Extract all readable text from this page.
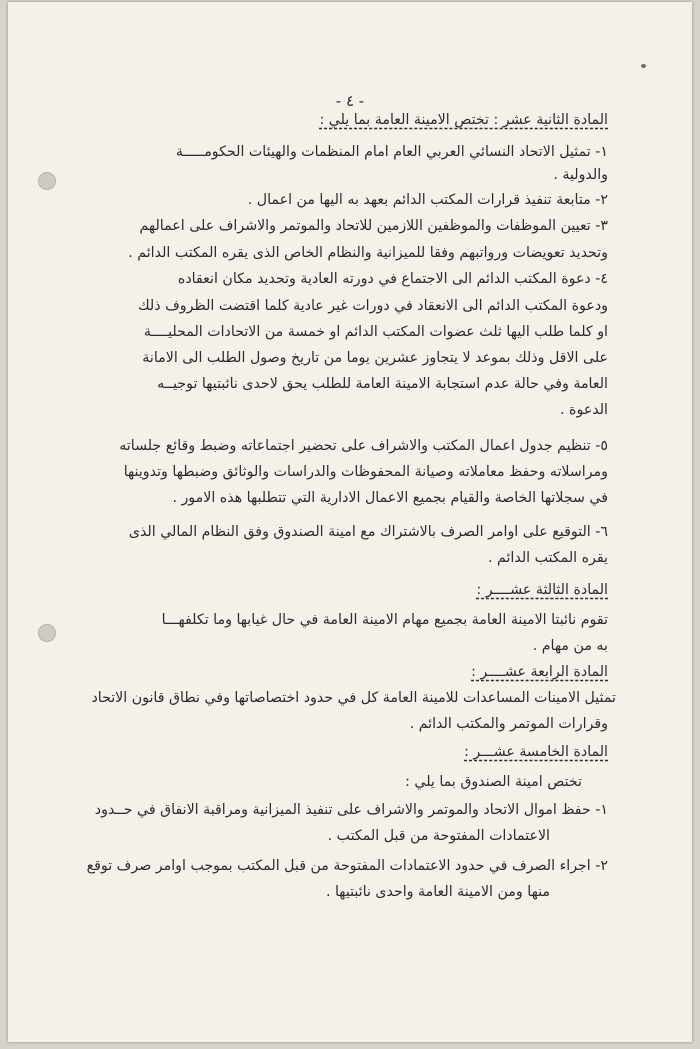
- ٤ -
المادة الثانية عشر : تختص الامينة العامة بما يلي :
١- تمثيل الاتحاد النسائي العربي العام امام المنظمات والهيئات الحكومـــــة
والدولية .
٢- متابعة تنفيذ قرارات المكتب الدائم بعهد به اليها من اعمال .
٣- تعيين الموظفات والموظفين اللازمين للاتحاد والموتمر والاشراف على اعمالهم
وتحديد تعويضات ورواتبهم وفقا للميزانية والنظام الخاص الذى يقره المكتب الدائم .
٤- دعوة المكتب الدائم الى الاجتماع في دورته العادية وتحديد مكان انعقاده
ودعوة المكتب الدائم الى الانعقاد في دورات غير عادية كلما اقتضت الظروف ذلك
او كلما طلب اليها ثلث عضوات المكتب الدائم او خمسة من الاتحادات المحليــــة
على الاقل وذلك بموعد لا يتجاوز عشرين يوما من تاريخ وصول الطلب الى الامانة
العامة وفي حالة عدم استجابة الامينة العامة للطلب يحق لاحدى نائبتيها توجيــه
الدعوة .
٥- تنظيم جدول اعمال المكتب والاشراف على تحضير اجتماعاته وضبط وقائع جلساته
ومراسلاته وحفظ معاملاته وصيانة المحفوظات والدراسات والوثائق وضبطها وتدوينها
في سجلاتها الخاصة والقيام بجميع الاعمال الادارية التي تتطلبها هذه الامور .
٦- التوقيع على اوامر الصرف بالاشتراك مع امينة الصندوق وفق النظام المالي الذى
يقره المكتب الدائم .
المادة الثالثة عشــــر :
تقوم نائبتا الامينة العامة بجميع مهام الامينة العامة في حال غيابها وما تكلفهـــا
به من مهام .
المادة الرابعة عشــــر :
تمثيل الامينات المساعدات للامينة العامة كل في حدود اختصاصاتها وفي نطاق قانون الاتحاد
وقرارات الموتمر والمكتب الدائم .
المادة الخامسة عشـــر :
تختص امينة الصندوق بما يلي :
١- حفظ اموال الاتحاد والموتمر والاشراف على تنفيذ الميزانية ومراقبة الانفاق في حــدود
الاعتمادات المفتوحة من قبل المكتب .
٢- اجراء الصرف في حدود الاعتمادات المفتوحة من قبل المكتب بموجب اوامر صرف توقع
منها ومن الامينة العامة واحدى نائبتيها .
